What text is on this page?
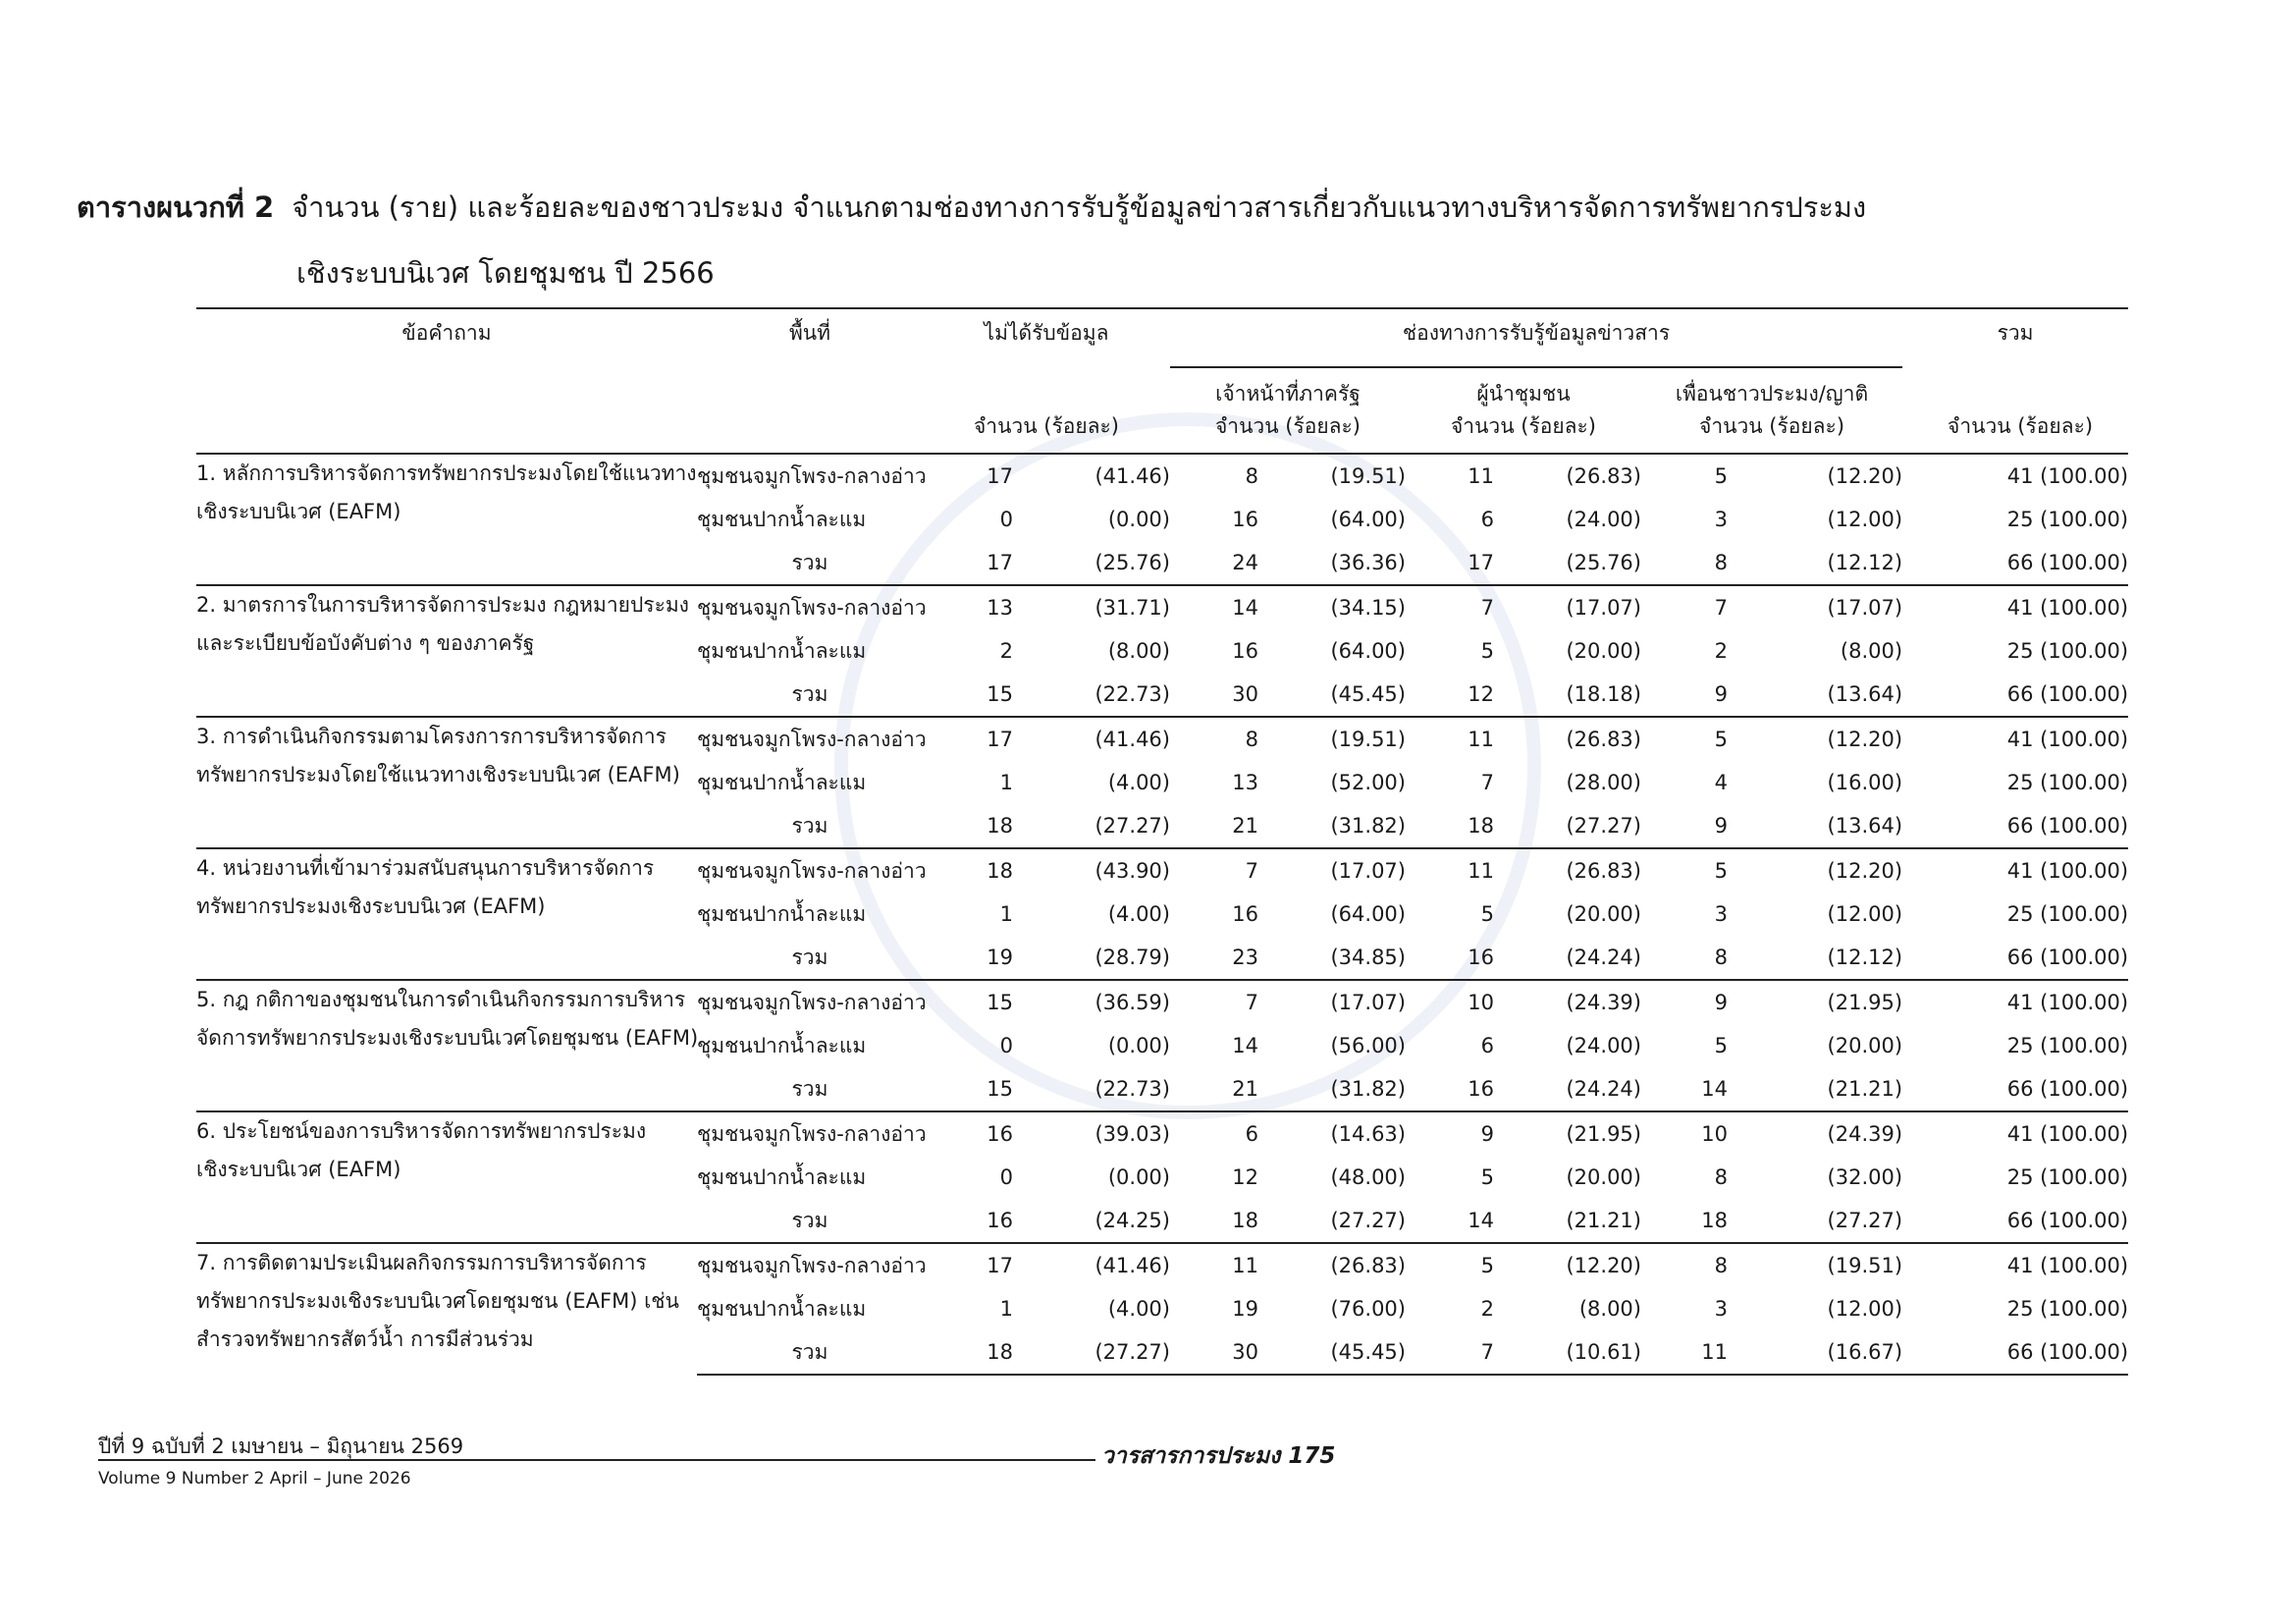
ตารางผนวกที่ 2 จำนวน (ราย) และร้อยละของชาวประมง จำแนกตามช่องทางการรับรู้ข้อมูลข่าวสารเกี่ยวกับแนวทางบริหารจัดการทรัพยากรประมง
เชิงระบบนิเวศ โดยชุมชน ปี 2566
ข้อคำถาม	พื้นที่	ไม่ได้รับข้อมูล		ช่องทางการรับรู้ข้อมูลข่าวสาร						รวม
				เจ้าหน้าที่ภาครัฐ		ผู้นำชุมชน		เพื่อนชาวประมง/ญาติ		
		จำนวน (ร้อยละ)		จำนวน (ร้อยละ)		จำนวน (ร้อยละ)		จำนวน (ร้อยละ)		จำนวน (ร้อยละ)

1. หลักการบริหารจัดการทรัพยากรประมงโดยใช้แนวทาง
เชิงระบบนิเวศ (EAFM)	ชุมชนจมูกโพรง-กลางอ่าว	17	(41.46)	8	(19.51)	11	(26.83)	5	(12.20)	41 (100.00)
	ชุมชนปากน้ำละแม	0	(0.00)	16	(64.00)	6	(24.00)	3	(12.00)	25 (100.00)
	รวม	17	(25.76)	24	(36.36)	17	(25.76)	8	(12.12)	66 (100.00)

2. มาตรการในการบริหารจัดการประมง กฎหมายประมง
และระเบียบข้อบังคับต่าง ๆ ของภาครัฐ	ชุมชนจมูกโพรง-กลางอ่าว	13	(31.71)	14	(34.15)	7	(17.07)	7	(17.07)	41 (100.00)
	ชุมชนปากน้ำละแม	2	(8.00)	16	(64.00)	5	(20.00)	2	(8.00)	25 (100.00)
	รวม	15	(22.73)	30	(45.45)	12	(18.18)	9	(13.64)	66 (100.00)

3. การดำเนินกิจกรรมตามโครงการการบริหารจัดการ
ทรัพยากรประมงโดยใช้แนวทางเชิงระบบนิเวศ (EAFM)	ชุมชนจมูกโพรง-กลางอ่าว	17	(41.46)	8	(19.51)	11	(26.83)	5	(12.20)	41 (100.00)
	ชุมชนปากน้ำละแม	1	(4.00)	13	(52.00)	7	(28.00)	4	(16.00)	25 (100.00)
	รวม	18	(27.27)	21	(31.82)	18	(27.27)	9	(13.64)	66 (100.00)

4. หน่วยงานที่เข้ามาร่วมสนับสนุนการบริหารจัดการ
ทรัพยากรประมงเชิงระบบนิเวศ (EAFM)	ชุมชนจมูกโพรง-กลางอ่าว	18	(43.90)	7	(17.07)	11	(26.83)	5	(12.20)	41 (100.00)
	ชุมชนปากน้ำละแม	1	(4.00)	16	(64.00)	5	(20.00)	3	(12.00)	25 (100.00)
	รวม	19	(28.79)	23	(34.85)	16	(24.24)	8	(12.12)	66 (100.00)

5. กฎ กติกาของชุมชนในการดำเนินกิจกรรมการบริหาร
จัดการทรัพยากรประมงเชิงระบบนิเวศโดยชุมชน (EAFM)	ชุมชนจมูกโพรง-กลางอ่าว	15	(36.59)	7	(17.07)	10	(24.39)	9	(21.95)	41 (100.00)
	ชุมชนปากน้ำละแม	0	(0.00)	14	(56.00)	6	(24.00)	5	(20.00)	25 (100.00)
	รวม	15	(22.73)	21	(31.82)	16	(24.24)	14	(21.21)	66 (100.00)

6. ประโยชน์ของการบริหารจัดการทรัพยากรประมง
เชิงระบบนิเวศ (EAFM)	ชุมชนจมูกโพรง-กลางอ่าว	16	(39.03)	6	(14.63)	9	(21.95)	10	(24.39)	41 (100.00)
	ชุมชนปากน้ำละแม	0	(0.00)	12	(48.00)	5	(20.00)	8	(32.00)	25 (100.00)
	รวม	16	(24.25)	18	(27.27)	14	(21.21)	18	(27.27)	66 (100.00)

7. การติดตามประเมินผลกิจกรรมการบริหารจัดการ
ทรัพยากรประมงเชิงระบบนิเวศโดยชุมชน (EAFM) เช่น
สำรวจทรัพยากรสัตว์น้ำ การมีส่วนร่วม	ชุมชนจมูกโพรง-กลางอ่าว	17	(41.46)	11	(26.83)	5	(12.20)	8	(19.51)	41 (100.00)
	ชุมชนปากน้ำละแม	1	(4.00)	19	(76.00)	2	(8.00)	3	(12.00)	25 (100.00)
	รวม	18	(27.27)	30	(45.45)	7	(10.61)	11	(16.67)	66 (100.00)
ปีที่ 9 ฉบับที่ 2 เมษายน – มิถุนายน 2569	วารสารการประมง 175
Volume 9 Number 2 April – June 2026
